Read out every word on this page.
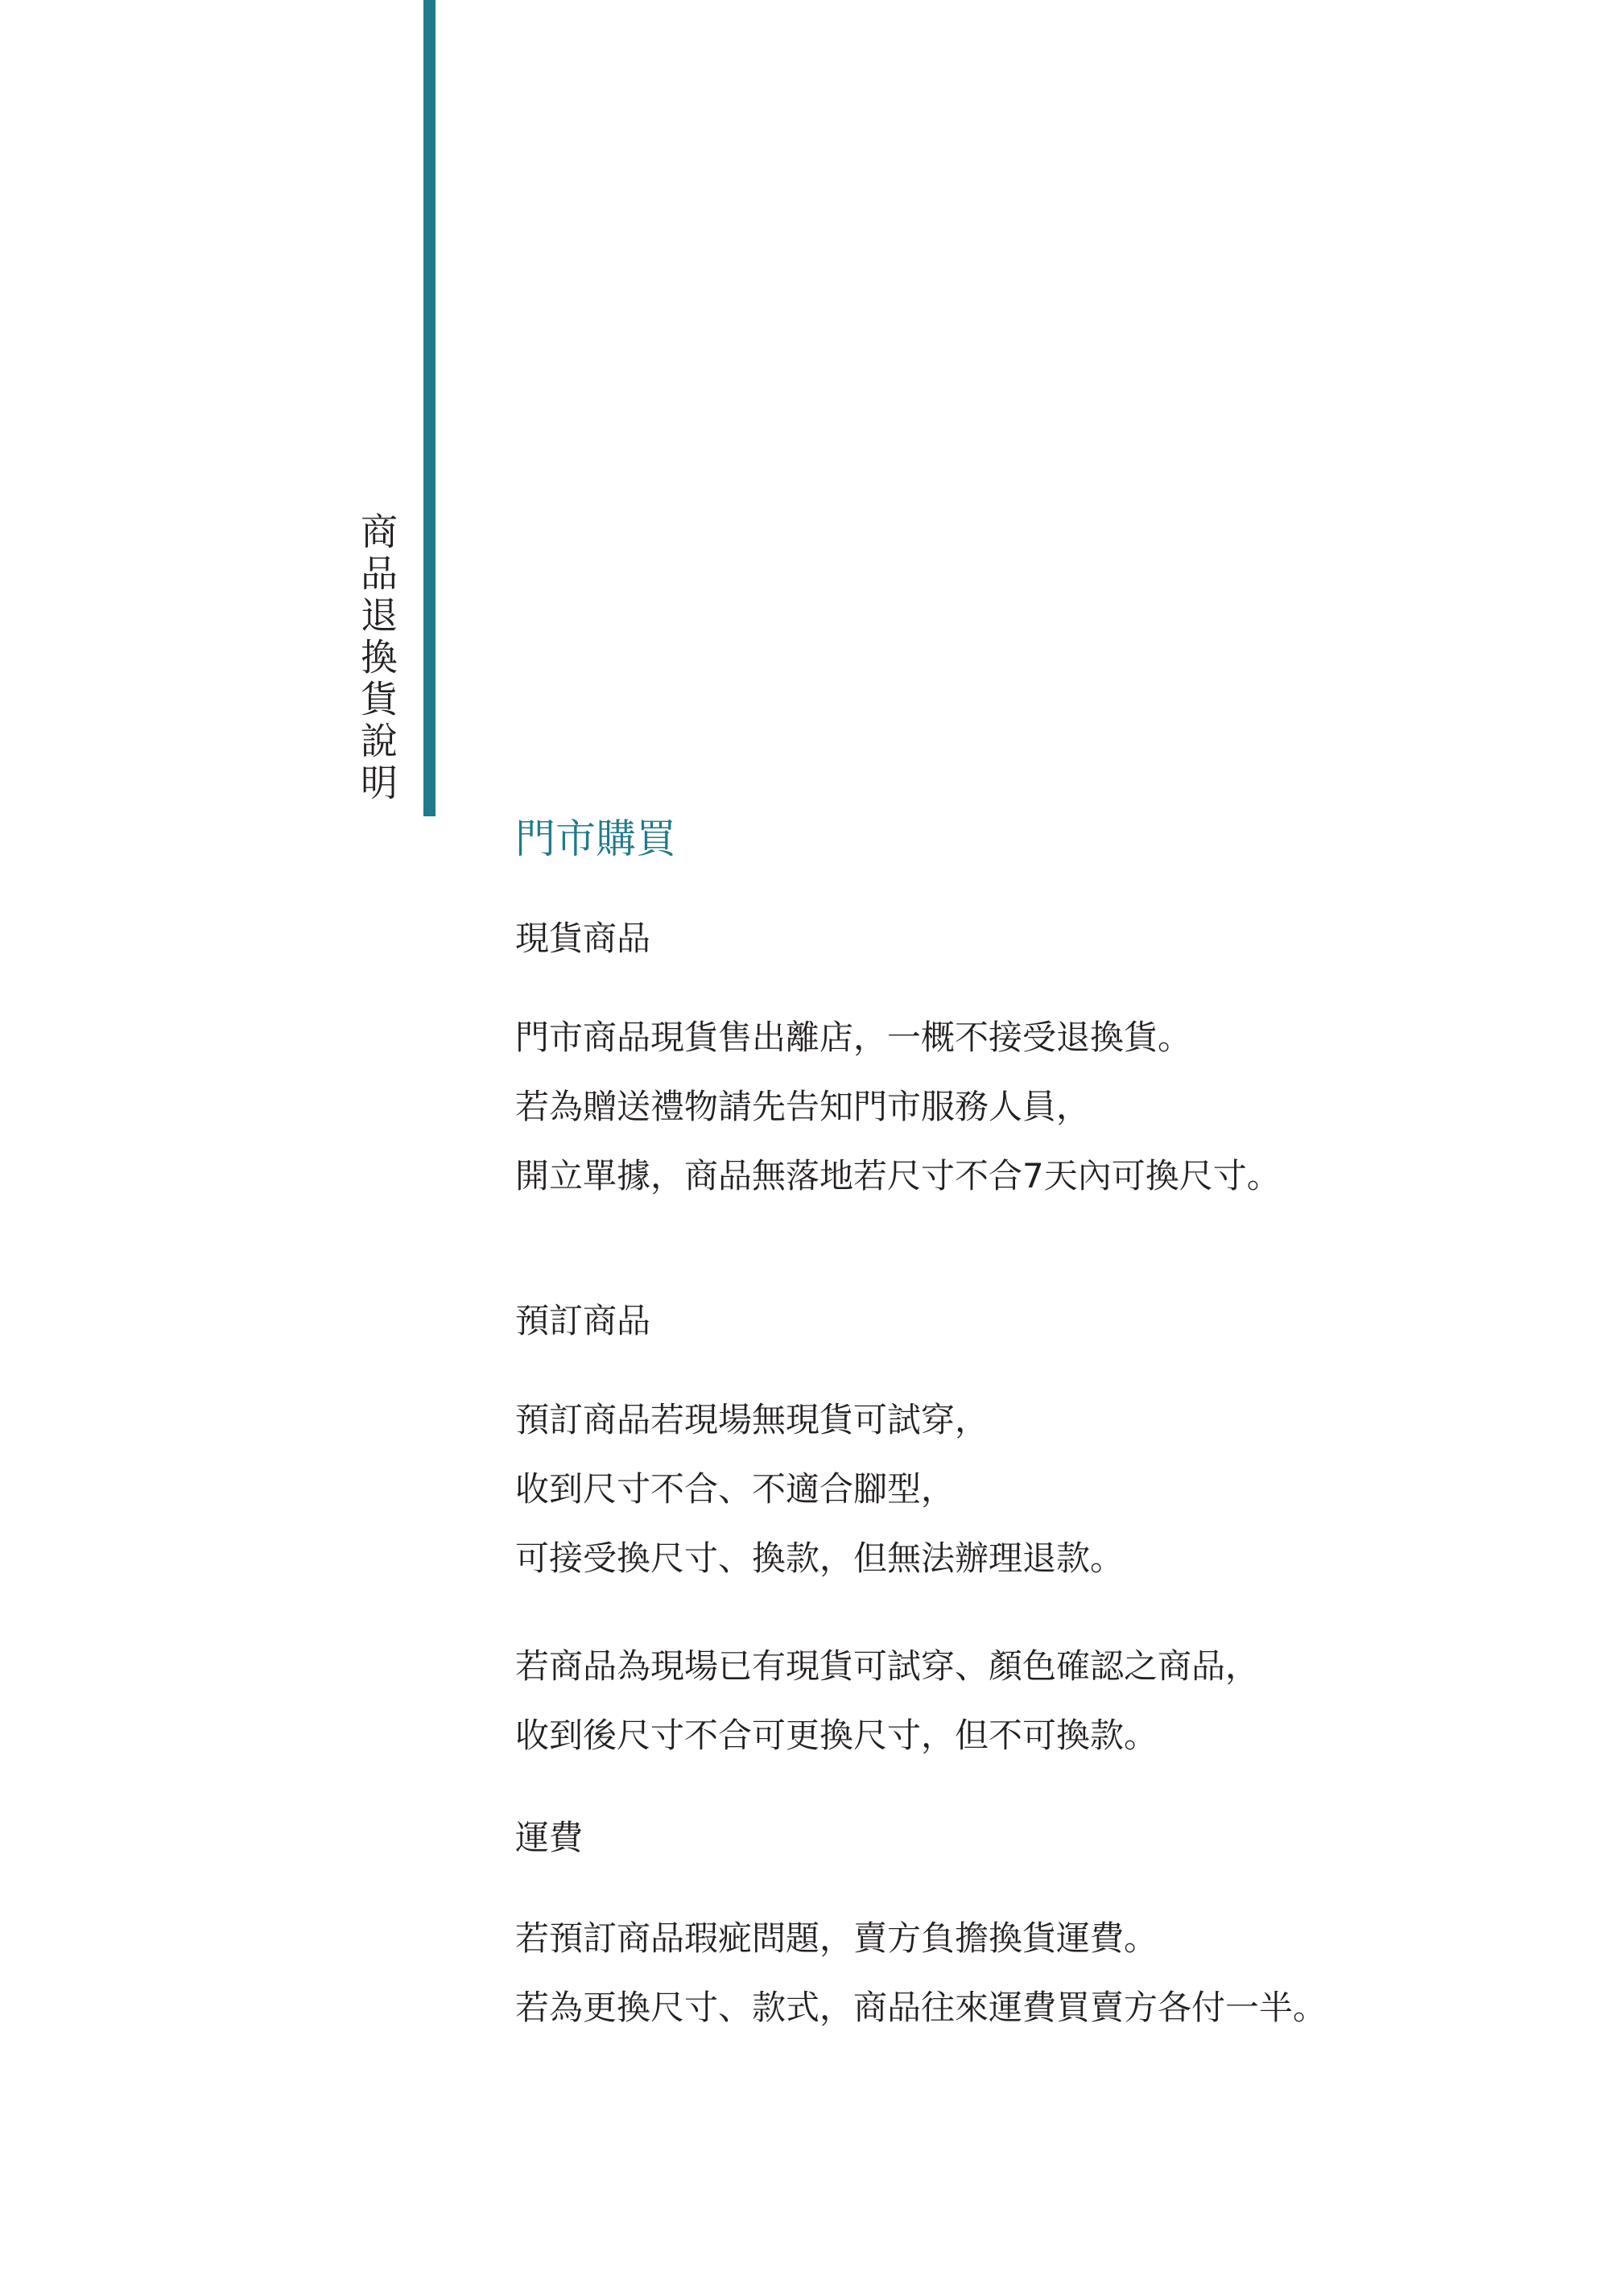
商品退換貨說明
門市購買
現貨商品
門市商品現貨售出離店，一概不接受退換貨。
若為贈送禮物請先告知門市服務人員，
開立單據，商品無落地若尺寸不合7天內可換尺寸。
預訂商品
預訂商品若現場無現貨可試穿，
收到尺寸不合、不適合腳型，
可接受換尺寸、換款，但無法辦理退款。
若商品為現場已有現貨可試穿、顏色確認之商品，
收到後尺寸不合可更換尺寸，但不可換款。
運費
若預訂商品瑕疵問題，賣方負擔換貨運費。
若為更換尺寸、款式，商品往來運費買賣方各付一半。
